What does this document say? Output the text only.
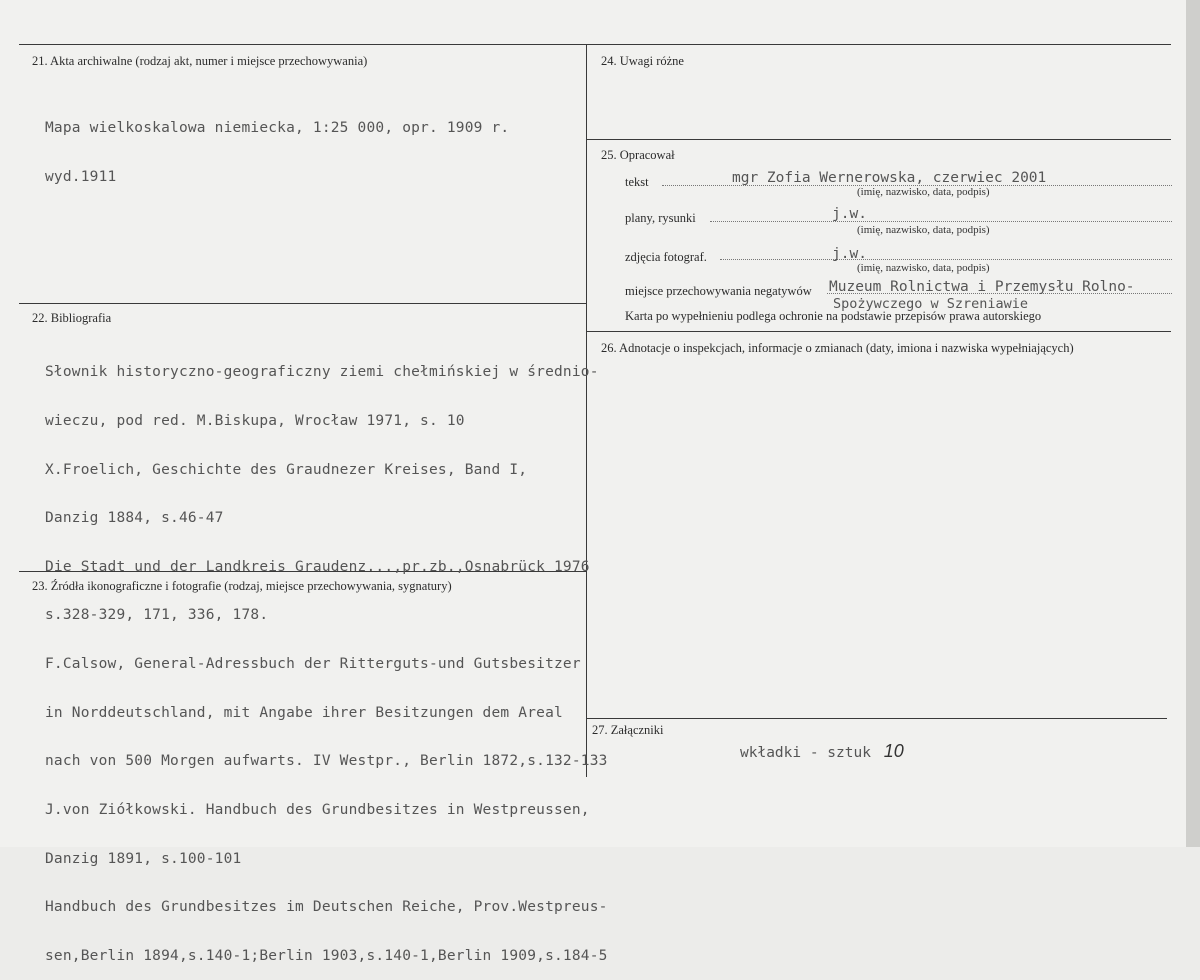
21. Akta archiwalne (rodzaj akt, numer i miejsce przechowywania)

Mapa wielkoskalowa niemiecka, 1:25 000, opr. 1909 r.

wyd.1911

22. Bibliografia

Słownik historyczno-geograficzny ziemi chełmińskiej w średnio-

wieczu, pod red. M.Biskupa, Wrocław 1971, s. 10

X.Froelich, Geschichte des Graudnezer Kreises, Band I,

Danzig 1884, s.46-47

Die Stadt und der Landkreis Graudenz...,pr.zb.,Osnabrück 1976

s.328-329, 171, 336, 178.

F.Calsow, General-Adressbuch der Ritterguts-und Gutsbesitzer

in Norddeutschland, mit Angabe ihrer Besitzungen dem Areal

nach von 500 Morgen aufwarts. IV Westpr., Berlin 1872,s.132-133

J.von Ziółkowski. Handbuch des Grundbesitzes in Westpreussen,

Danzig 1891, s.100-101

Handbuch des Grundbesitzes im Deutschen Reiche, Prov.Westpreus-

sen,Berlin 1894,s.140-1;Berlin 1903,s.140-1,Berlin 1909,s.184-5

23. Źródła ikonograficzne i fotografie (rodzaj, miejsce przechowywania, sygnatury)
24. Uwagi różne
25. Opracował
tekst	mgr Zofia Wernerowska, czerwiec 2001
(imię, nazwisko, data, podpis)
plany, rysunki	j.w.
(imię, nazwisko, data, podpis)
zdjęcia fotograf.	j.w.
(imię, nazwisko, data, podpis)
miejsce przechowywania negatywów Muzeum Rolnictwa i Przemysłu Rolno-
Spożywczego w Szreniawie
Karta po wypełnieniu podlega ochronie na podstawie przepisów prawa autorskiego
26. Adnotacje o inspekcjach, informacje o zmianach (daty, imiona i nazwiska wypełniających)
27. Załączniki
wkładki - sztuk 10
